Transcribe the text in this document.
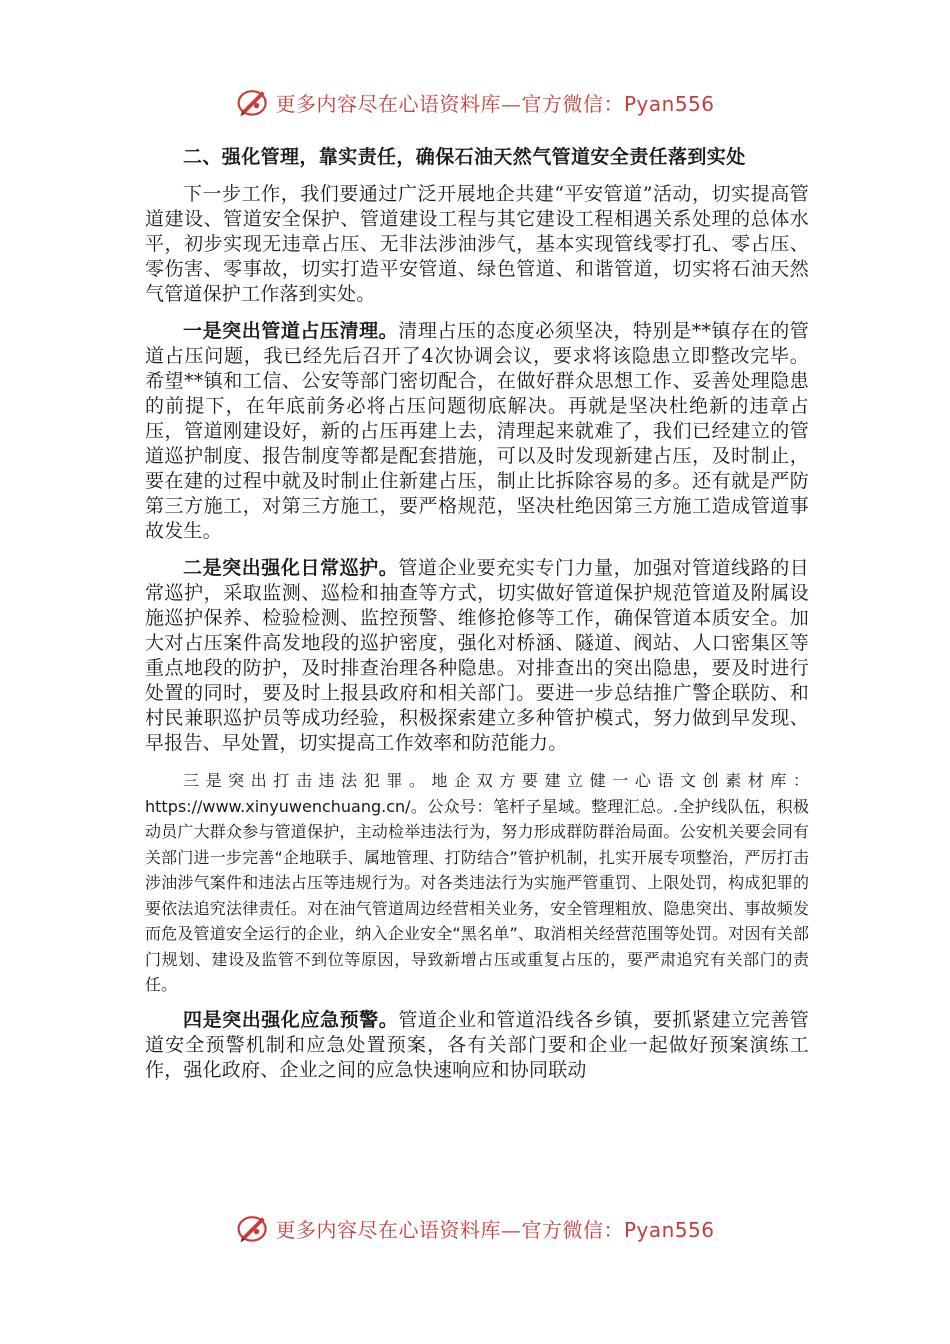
更多内容尽在心语资料库—官方微信：Pyan556

二、强化管理，靠实责任，确保石油天然气管道安全责任落到实处

下一步工作，我们要通过广泛开展地企共建“平安管道”活动，切实提高管道建设、管道安全保护、管道建设工程与其它建设工程相遇关系处理的总体水平，初步实现无违章占压、无非法涉油涉气，基本实现管线零打孔、零占压、零伤害、零事故，切实打造平安管道、绿色管道、和谐管道，切实将石油天然气管道保护工作落到实处。

一是突出管道占压清理。清理占压的态度必须坚决，特别是**镇存在的管道占压问题，我已经先后召开了4次协调会议，要求将该隐患立即整改完毕。希望**镇和工信、公安等部门密切配合，在做好群众思想工作、妥善处理隐患的前提下，在年底前务必将占压问题彻底解决。再就是坚决杜绝新的违章占压，管道刚建设好，新的占压再建上去，清理起来就难了，我们已经建立的管道巡护制度、报告制度等都是配套措施，可以及时发现新建占压，及时制止，要在建的过程中就及时制止住新建占压，制止比拆除容易的多。还有就是严防第三方施工，对第三方施工，要严格规范，坚决杜绝因第三方施工造成管道事故发生。

二是突出强化日常巡护。管道企业要充实专门力量，加强对管道线路的日常巡护，采取监测、巡检和抽查等方式，切实做好管道保护规范管道及附属设施巡护保养、检验检测、监控预警、维修抢修等工作，确保管道本质安全。加大对占压案件高发地段的巡护密度，强化对桥涵、隧道、阀站、人口密集区等重点地段的防护，及时排查治理各种隐患。对排查出的突出隐患，要及时进行处置的同时，要及时上报县政府和相关部门。要进一步总结推广警企联防、和村民兼职巡护员等成功经验，积极探索建立多种管护模式，努力做到早发现、早报告、早处置，切实提高工作效率和防范能力。

三是突出打击违法犯罪。地企双方要建立健一心语文创素材库：https://www.xinyuwenchuang.cn/。公众号：笔杆子星域。整理汇总。.全护线队伍，积极动员广大群众参与管道保护，主动检举违法行为，努力形成群防群治局面。公安机关要会同有关部门进一步完善“企地联手、属地管理、打防结合”管护机制，扎实开展专项整治，严厉打击涉油涉气案件和违法占压等违规行为。对各类违法行为实施严管重罚、上限处罚，构成犯罪的要依法追究法律责任。对在油气管道周边经营相关业务，安全管理粗放、隐患突出、事故频发而危及管道安全运行的企业，纳入企业安全“黑名单”、取消相关经营范围等处罚。对因有关部门规划、建设及监管不到位等原因，导致新增占压或重复占压的，要严肃追究有关部门的责任。

四是突出强化应急预警。管道企业和管道沿线各乡镇，要抓紧建立完善管道安全预警机制和应急处置预案，各有关部门要和企业一起做好预案演练工作，强化政府、企业之间的应急快速响应和协同联动

更多内容尽在心语资料库—官方微信：Pyan556
